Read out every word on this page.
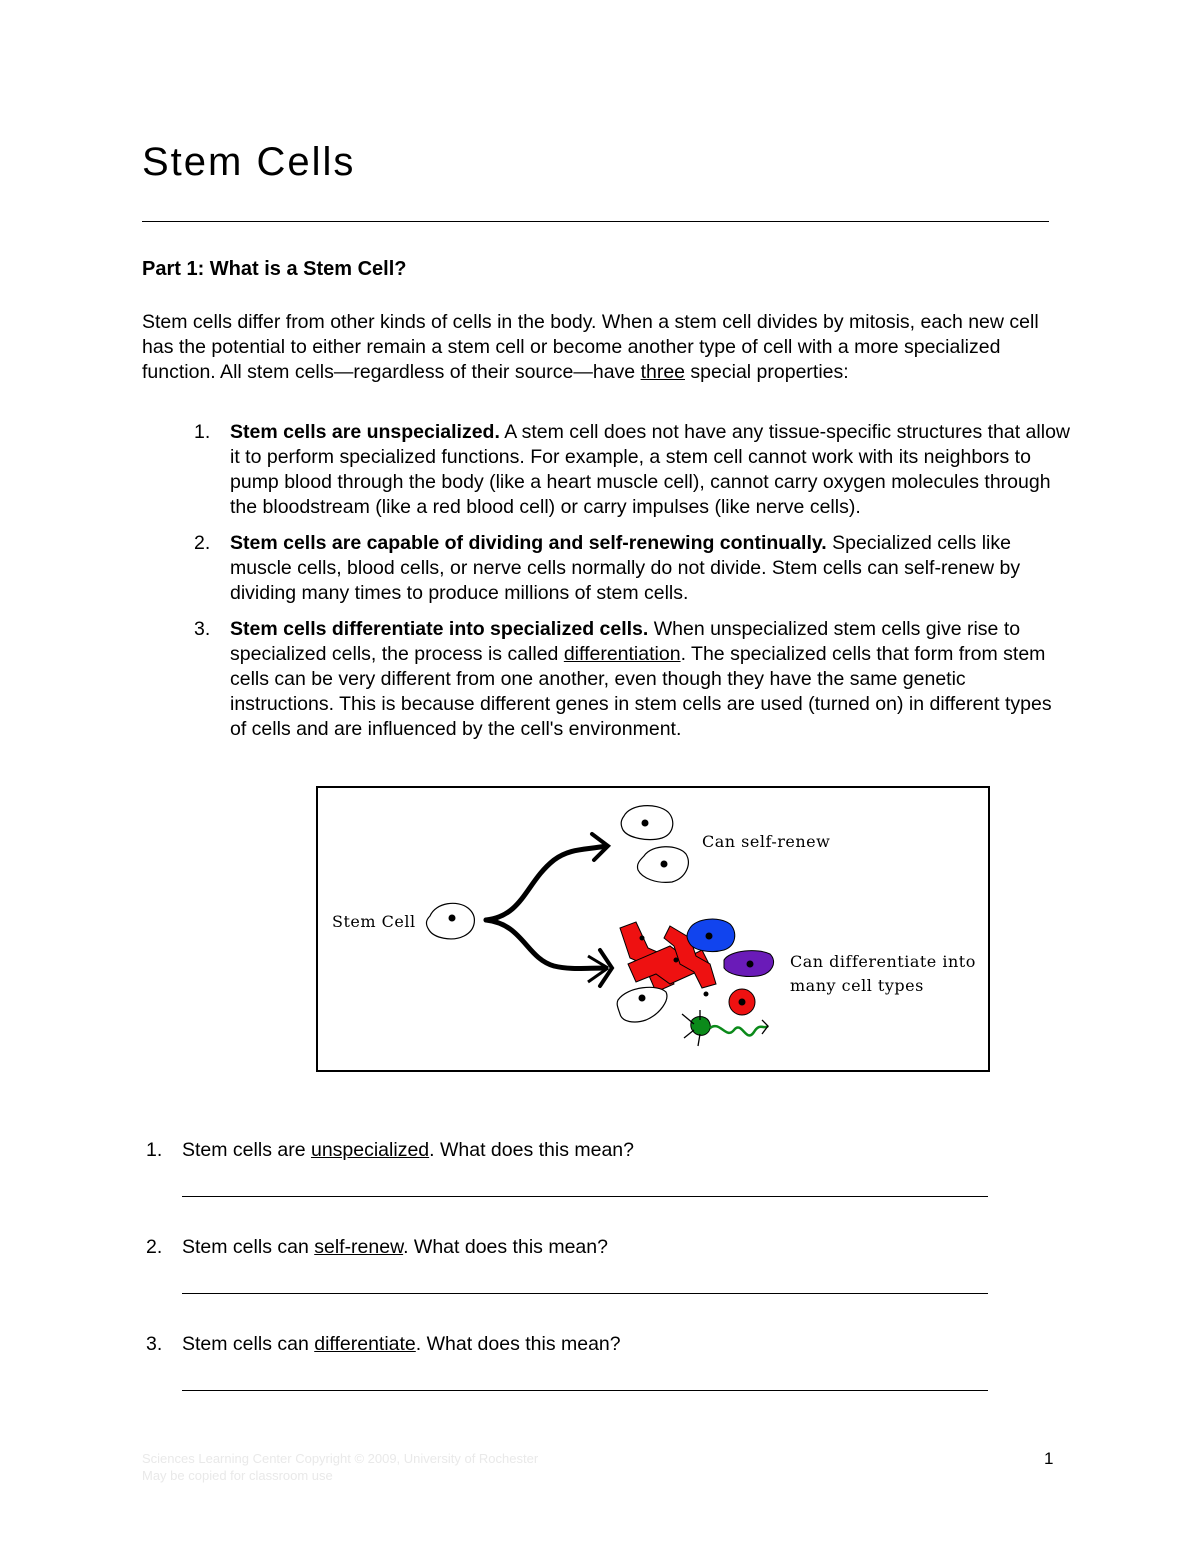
Stem Cells
Part 1: What is a Stem Cell?

Stem cells differ from other kinds of cells in the body. When a stem cell divides by mitosis, each new cell has the potential to either remain a stem cell or become another type of cell with a more specialized function. All stem cells—regardless of their source—have three special properties:

1. Stem cells are unspecialized. A stem cell does not have any tissue-specific structures that allow it to perform specialized functions. For example, a stem cell cannot work with its neighbors to pump blood through the body (like a heart muscle cell), cannot carry oxygen molecules through the bloodstream (like a red blood cell) or carry impulses (like nerve cells).
2. Stem cells are capable of dividing and self-renewing continually. Specialized cells like muscle cells, blood cells, or nerve cells normally do not divide. Stem cells can self-renew by dividing many times to produce millions of stem cells.
3. Stem cells differentiate into specialized cells. When unspecialized stem cells give rise to specialized cells, the process is called differentiation. The specialized cells that form from stem cells can be very different from one another, even though they have the same genetic instructions. This is because different genes in stem cells are used (turned on) in different types of cells and are influenced by the cell's environment.

Stem Cell

Can self-renew

Can differentiate into

many cell types

1. Stem cells are unspecialized. What does this mean?
2. Stem cells can self-renew. What does this mean?
3. Stem cells can differentiate. What does this mean?

Sciences Learning Center Copyright © 2009, University of Rochester
May be copied for classroom use

1
